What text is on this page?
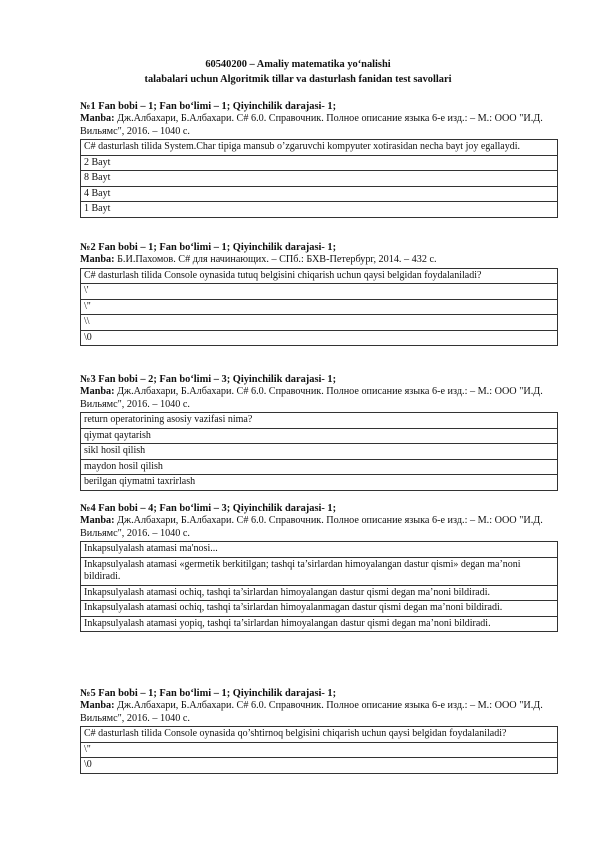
60540200 – Amaliy matematika yo‘nalishi
talabalari uchun Algoritmik tillar va dasturlash fanidan test savollari
№1 Fan bobi – 1; Fan bo‘limi – 1; Qiyinchilik darajasi- 1;
Manba: Дж.Албахари, Б.Албахари. C# 6.0. Справочник. Полное описание языка 6-е изд.: – М.: ООО "И.Д. Вильямс", 2016. – 1040 с.
C# dasturlash tilida System.Char tipiga mansub o’zgaruvchi kompyuter xotirasidan necha bayt joy egallaydi.
2 Bayt
8 Bayt
4 Bayt
1 Bayt
№2 Fan bobi – 1; Fan bo‘limi – 1; Qiyinchilik darajasi- 1;
Manba: Б.И.Пахомов. C# для начинающих. – СПб.: БХВ-Петербург, 2014. – 432 с.
C# dasturlash tilida Console oynasida tutuq belgisini chiqarish uchun qaysi belgidan foydalaniladi?
\'
\"
\\
\0
№3 Fan bobi – 2; Fan bo‘limi – 3; Qiyinchilik darajasi- 1;
Manba: Дж.Албахари, Б.Албахари. C# 6.0. Справочник. Полное описание языка 6-е изд.: – М.: ООО "И.Д. Вильямс", 2016. – 1040 с.
return operatorining asosiy vazifasi nima?
qiymat qaytarish
sikl hosil qilish
maydon hosil qilish
berilgan qiymatni taxrirlash
№4 Fan bobi – 4; Fan bo‘limi – 3; Qiyinchilik darajasi- 1;
Manba: Дж.Албахари, Б.Албахари. C# 6.0. Справочник. Полное описание языка 6-е изд.: – М.: ООО "И.Д. Вильямс", 2016. – 1040 с.
Inkapsulyalash atamasi ma'nosi...
Inkapsulyalash atamasi «germetik berkitilgan; tashqi ta’sirlardan himoyalangan dastur qismi» degan ma’noni bildiradi.
Inkapsulyalash atamasi ochiq, tashqi ta’sirlardan himoyalangan dastur qismi degan ma’noni bildiradi.
Inkapsulyalash atamasi ochiq, tashqi ta’sirlardan himoyalanmagan dastur qismi degan ma’noni bildiradi.
Inkapsulyalash atamasi yopiq, tashqi ta’sirlardan himoyalangan dastur qismi degan ma’noni bildiradi.
№5 Fan bobi – 1; Fan bo‘limi – 1; Qiyinchilik darajasi- 1;
Manba: Дж.Албахари, Б.Албахари. C# 6.0. Справочник. Полное описание языка 6-е изд.: – М.: ООО "И.Д. Вильямс", 2016. – 1040 с.
C# dasturlash tilida Console oynasida qo’shtirnoq belgisini chiqarish uchun qaysi belgidan foydalaniladi?
\"
\0
